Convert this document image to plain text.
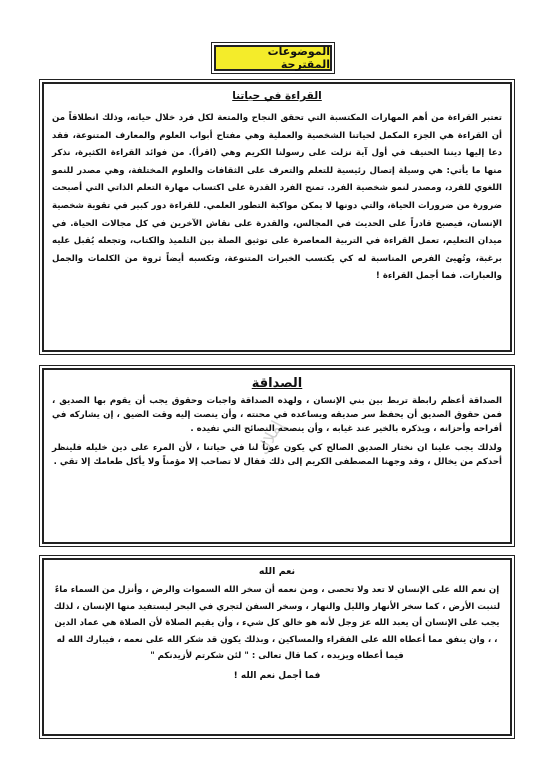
الموضوعات المقترحة
القراءة في حياتنا

تعتبر القراءة من أهم المهارات المكتسبة التي تحقق النجاح والمتعة لكل فرد خلال حياته، وذلك انطلاقاً من أن القراءة هي الجزء المكمل لحياتنا الشخصية والعملية وهي مفتاح أبواب العلوم والمعارف المتنوعة، فقد دعا إليها ديننا الحنيف في أول آية نزلت على رسولنا الكريم وهي (اقرأ). من فوائد القراءة الكثيرة، نذكر منها ما يأتي: هي وسيلة إتصال رئيسية للتعلم والتعرف على الثقافات والعلوم المختلفة، وهي مصدر للنمو اللغوي للفرد، ومصدر لنمو شخصية الفرد. تمنح الفرد القدرة على اكتساب مهارة التعلم الذاتي التي أصبحت ضرورة من ضرورات الحياة، والتي دونها لا يمكن مواكبة التطور العلمي. للقراءة دور كبير في تقوية شخصية الإنسان، فيصبح قادراً على الحديث في المجالس، والقدرة على نقاش الآخرين في كل مجالات الحياة. في ميدان التعليم، تعمل القراءة في التربية المعاصرة على توثيق الصلة بين التلميذ والكتاب، وتجعله يُقبل عليه برغبة، وتُهيئ الفرص المناسبة له كي يكتسب الخبرات المتنوعة، وتكسبه أيضاً ثروة من الكلمات والجمل والعبارات. فما أجمل القراءة !

الصداقة

الصداقة أعظم رابطة تربط بين بني الإنسان ، ولهذه الصداقة واجبات وحقوق يجب أن يقوم بها الصديق ، فمن حقوق الصديق أن يحفظ سر صديقه ويساعده في محنته ، وأن ينصت إليه وقت الضيق ، إن يشاركه في أفراحه وأحزانه ، ويذكره بالخير عند غيابه ، وأن ينصحه النصائح التي تفيده .

ولذلك يجب علينا ان نختار الصديق الصالح كي يكون عوناً لنا في حياتنا ، لأن المرء على دين خليله فلينظر أحدكم من يخالل ، وقد وجهنا المصطفى الكريم إلى ذلك فقال لا تصاحب إلا مؤمناً ولا يأكل طعامك إلا تقي .

نعم الله

إن نعم الله على الإنسان لا تعد ولا تحصى ، ومن نعمه أن سخر الله السموات والرض ، وأنزل من السماء ماءً لتنبت الأرض ، كما سخر الأنهار والليل والنهار ، وسخر السفن لتجري في البحر ليستفيد منها الإنسان ، لذلك يجب على الإنسان أن يعبد الله عز وجل لأنه هو خالق كل شيء ، وأن يقيم الصلاة لأن الصلاة هي عماد الدين ، ، وان ينفق مما أعطاه الله على الفقراء والمساكين ، وبذلك يكون قد شكر الله على نعمه ، فيبارك الله له فيما أعطاه ويزيده ، كما قال تعالى : " لئن شكرتم لأزيدنكم "

فما أجمل نعم الله !
إملاك
